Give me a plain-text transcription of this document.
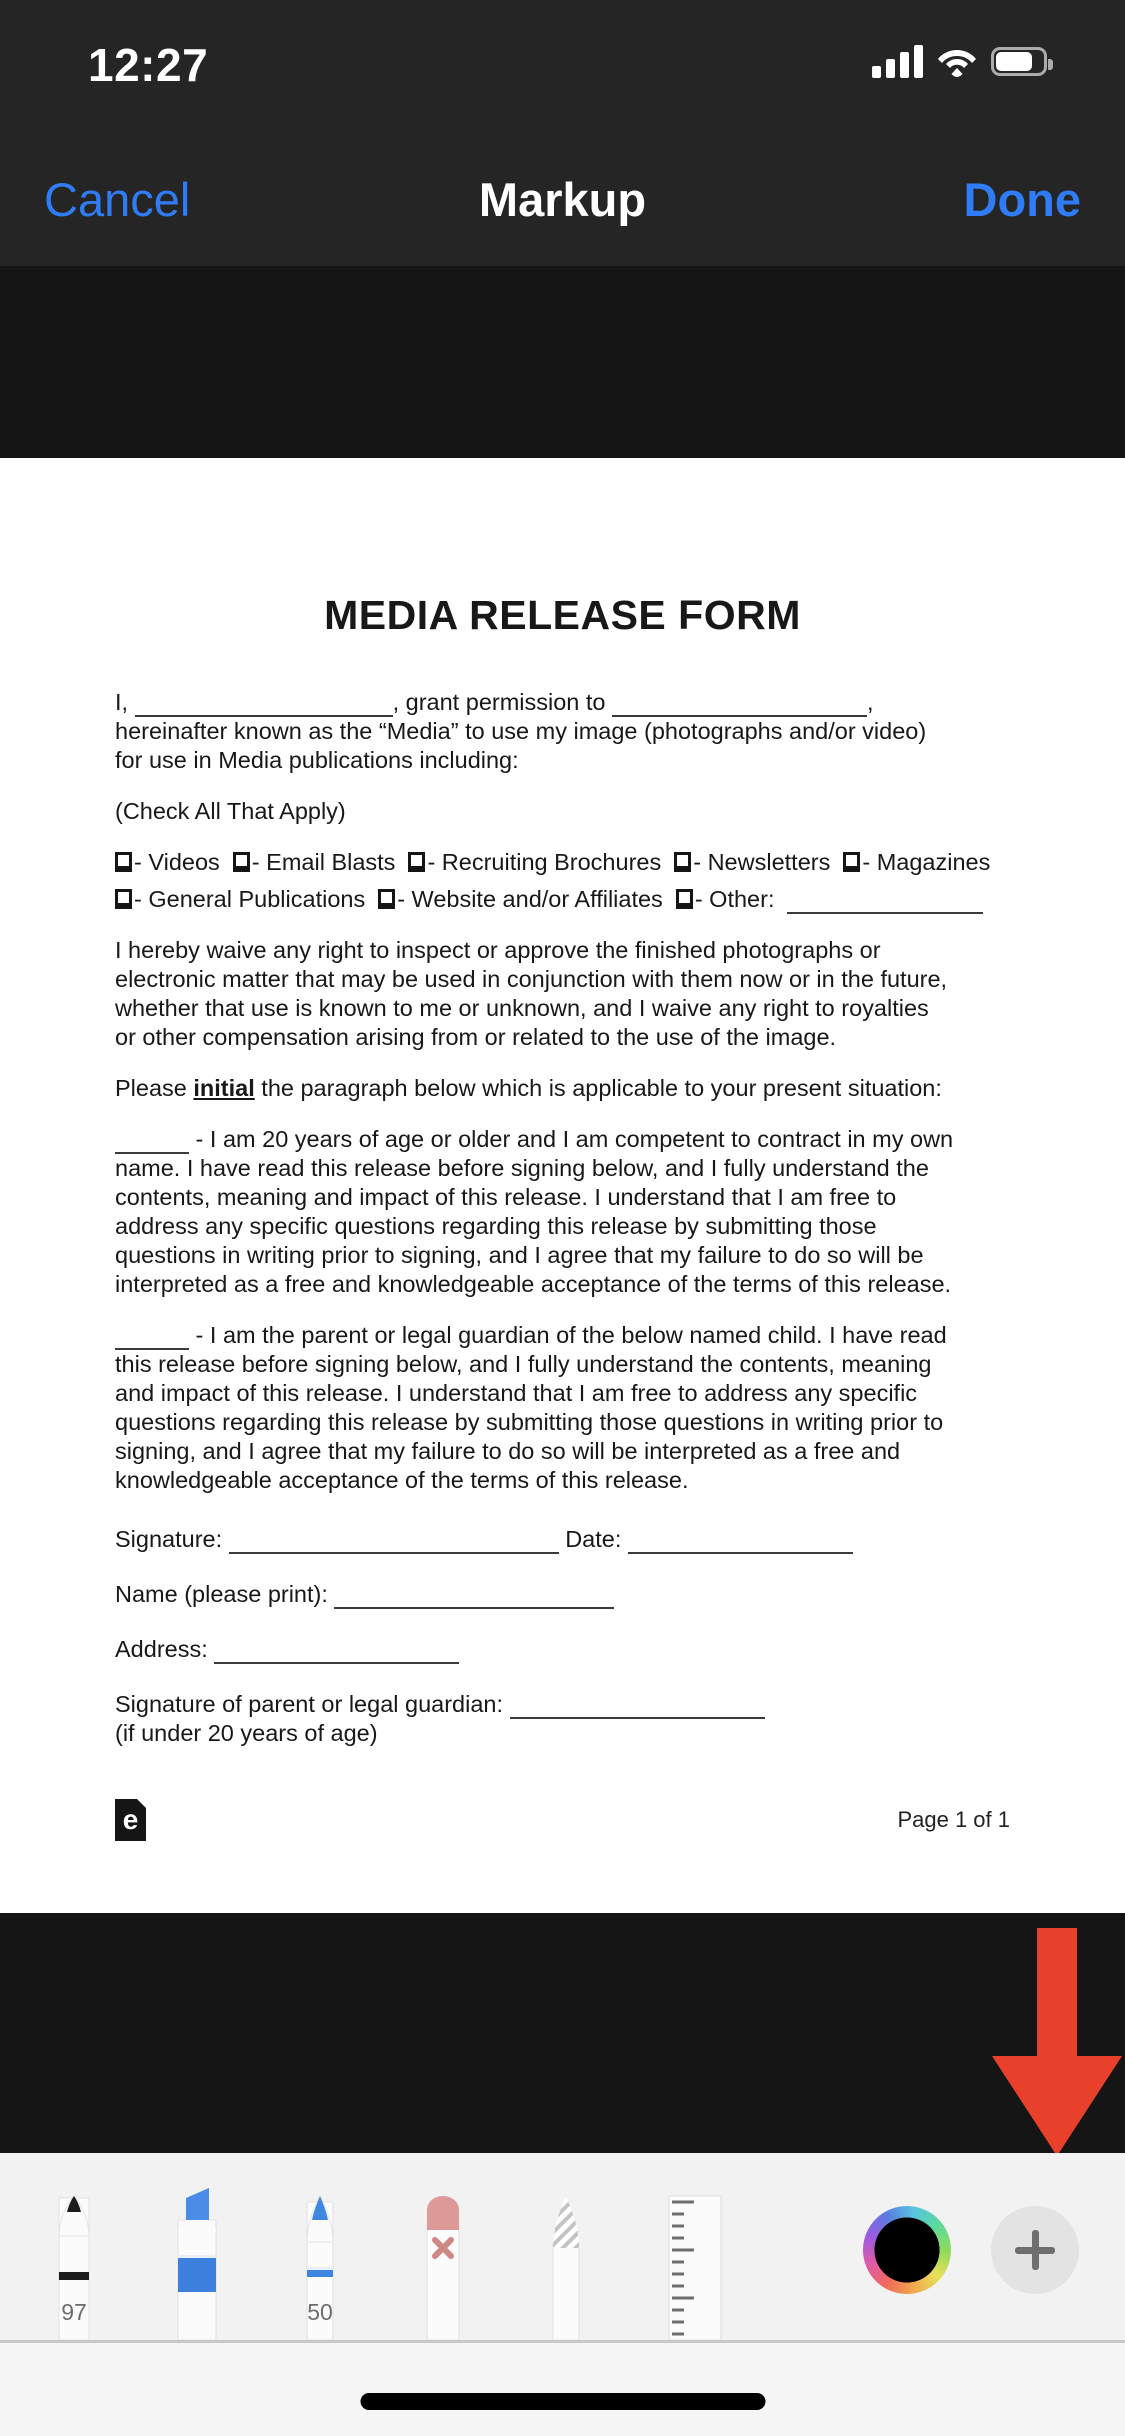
12:27
Cancel	Markup	Done
MEDIA RELEASE FORM

I,	, grant permission to	,
hereinafter known as the “Media” to use my image (photographs and/or video) for use in Media publications including:

(Check All That Apply)

- Videos - Email Blasts - Recruiting Brochures - Newsletters - Magazines

- General Publications - Website and/or Affiliates - Other:

I hereby waive any right to inspect or approve the finished photographs or electronic matter that may be used in conjunction with them now or in the future, whether that use is known to me or unknown, and I waive any right to royalties or other compensation arising from or related to the use of the image.

Please initial the paragraph below which is applicable to your present situation:

- I am 20 years of age or older and I am competent to contract in my own name. I have read this release before signing below, and I fully understand the contents, meaning and impact of this release. I understand that I am free to address any specific questions regarding this release by submitting those questions in writing prior to signing, and I agree that my failure to do so will be interpreted as a free and knowledgeable acceptance of the terms of this release.

- I am the parent or legal guardian of the below named child. I have read this release before signing below, and I fully understand the contents, meaning and impact of this release. I understand that I am free to address any specific questions regarding this release by submitting those questions in writing prior to signing, and I agree that my failure to do so will be interpreted as a free and knowledgeable acceptance of the terms of this release.

Signature:	Date:
Name (please print):
Address:
Signature of parent or legal guardian:
(if under 20 years of age)
e	Page 1 of 1
97	50
